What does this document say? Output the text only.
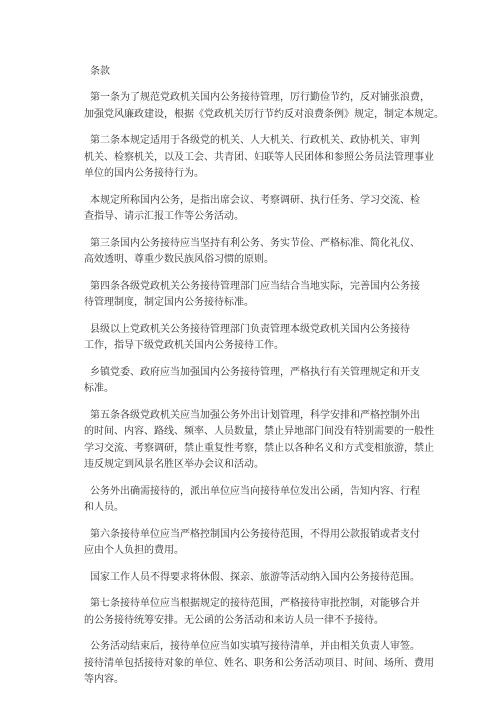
条款
第一条为了规范党政机关国内公务接待管理，厉行勤俭节约，反对铺张浪费，
加强党风廉政建设，根据《党政机关厉行节约反对浪费条例》规定，制定本规定。
第二条本规定适用于各级党的机关、人大机关、行政机关、政协机关、审判
机关、检察机关，以及工会、共青团、妇联等人民团体和参照公务员法管理事业
单位的国内公务接待行为。
本规定所称国内公务，是指出席会议、考察调研、执行任务、学习交流、检
查指导、请示汇报工作等公务活动。
第三条国内公务接待应当坚持有利公务、务实节俭、严格标准、简化礼仪、
高效透明、尊重少数民族风俗习惯的原则。
第四条各级党政机关公务接待管理部门应当结合当地实际，完善国内公务接
待管理制度，制定国内公务接待标准。
县级以上党政机关公务接待管理部门负责管理本级党政机关国内公务接待
工作，指导下级党政机关国内公务接待工作。
乡镇党委、政府应当加强国内公务接待管理，严格执行有关管理规定和开支
标准。
第五条各级党政机关应当加强公务外出计划管理，科学安排和严格控制外出
的时间、内容、路线、频率、人员数量，禁止异地部门间没有特别需要的一般性
学习交流、考察调研，禁止重复性考察，禁止以各种名义和方式变相旅游，禁止
违反规定到风景名胜区举办会议和活动。
公务外出确需接待的，派出单位应当向接待单位发出公函，告知内容、行程
和人员。
第六条接待单位应当严格控制国内公务接待范围，不得用公款报销或者支付
应由个人负担的费用。
国家工作人员不得要求将休假、探亲、旅游等活动纳入国内公务接待范围。
第七条接待单位应当根据规定的接待范围，严格接待审批控制，对能够合并
的公务接待统筹安排。无公函的公务活动和来访人员一律不予接待。
公务活动结束后，接待单位应当如实填写接待清单，并由相关负责人审签。
接待清单包括接待对象的单位、姓名、职务和公务活动项目、时间、场所、费用
等内容。
